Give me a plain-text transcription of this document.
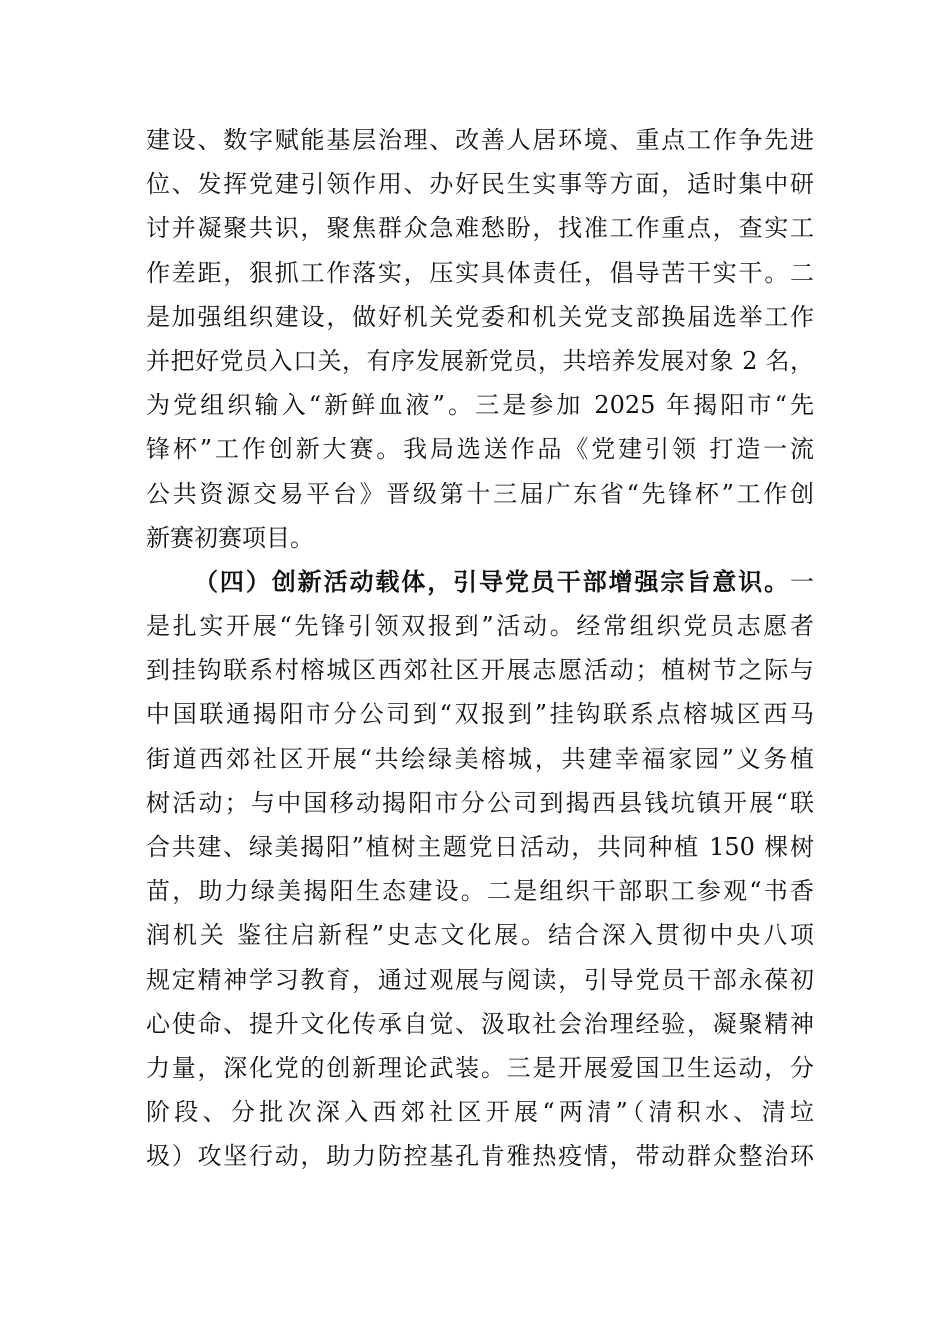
建设、数字赋能基层治理、改善人居环境、重点工作争先进
位、发挥党建引领作用、办好民生实事等方面，适时集中研
讨并凝聚共识，聚焦群众急难愁盼，找准工作重点，查实工
作差距，狠抓工作落实，压实具体责任，倡导苦干实干。二
是加强组织建设，做好机关党委和机关党支部换届选举工作
并把好党员入口关，有序发展新党员，共培养发展对象 2 名，
为党组织输入“新鲜血液”。三是参加 2025 年揭阳市“先
锋杯”工作创新大赛。我局选送作品《党建引领 打造一流
公共资源交易平台》晋级第十三届广东省“先锋杯”工作创
新赛初赛项目。
（四）创新活动载体，引导党员干部增强宗旨意识。一
是扎实开展“先锋引领双报到”活动。经常组织党员志愿者
到挂钩联系村榕城区西郊社区开展志愿活动；植树节之际与
中国联通揭阳市分公司到“双报到”挂钩联系点榕城区西马
街道西郊社区开展“共绘绿美榕城，共建幸福家园”义务植
树活动；与中国移动揭阳市分公司到揭西县钱坑镇开展“联
合共建、绿美揭阳”植树主题党日活动，共同种植 150 棵树
苗，助力绿美揭阳生态建设。二是组织干部职工参观“书香
润机关 鉴往启新程”史志文化展。结合深入贯彻中央八项
规定精神学习教育，通过观展与阅读，引导党员干部永葆初
心使命、提升文化传承自觉、汲取社会治理经验，凝聚精神
力量，深化党的创新理论武装。三是开展爱国卫生运动，分
阶段、分批次深入西郊社区开展“两清”（清积水、清垃
圾）攻坚行动，助力防控基孔肯雅热疫情，带动群众整治环
